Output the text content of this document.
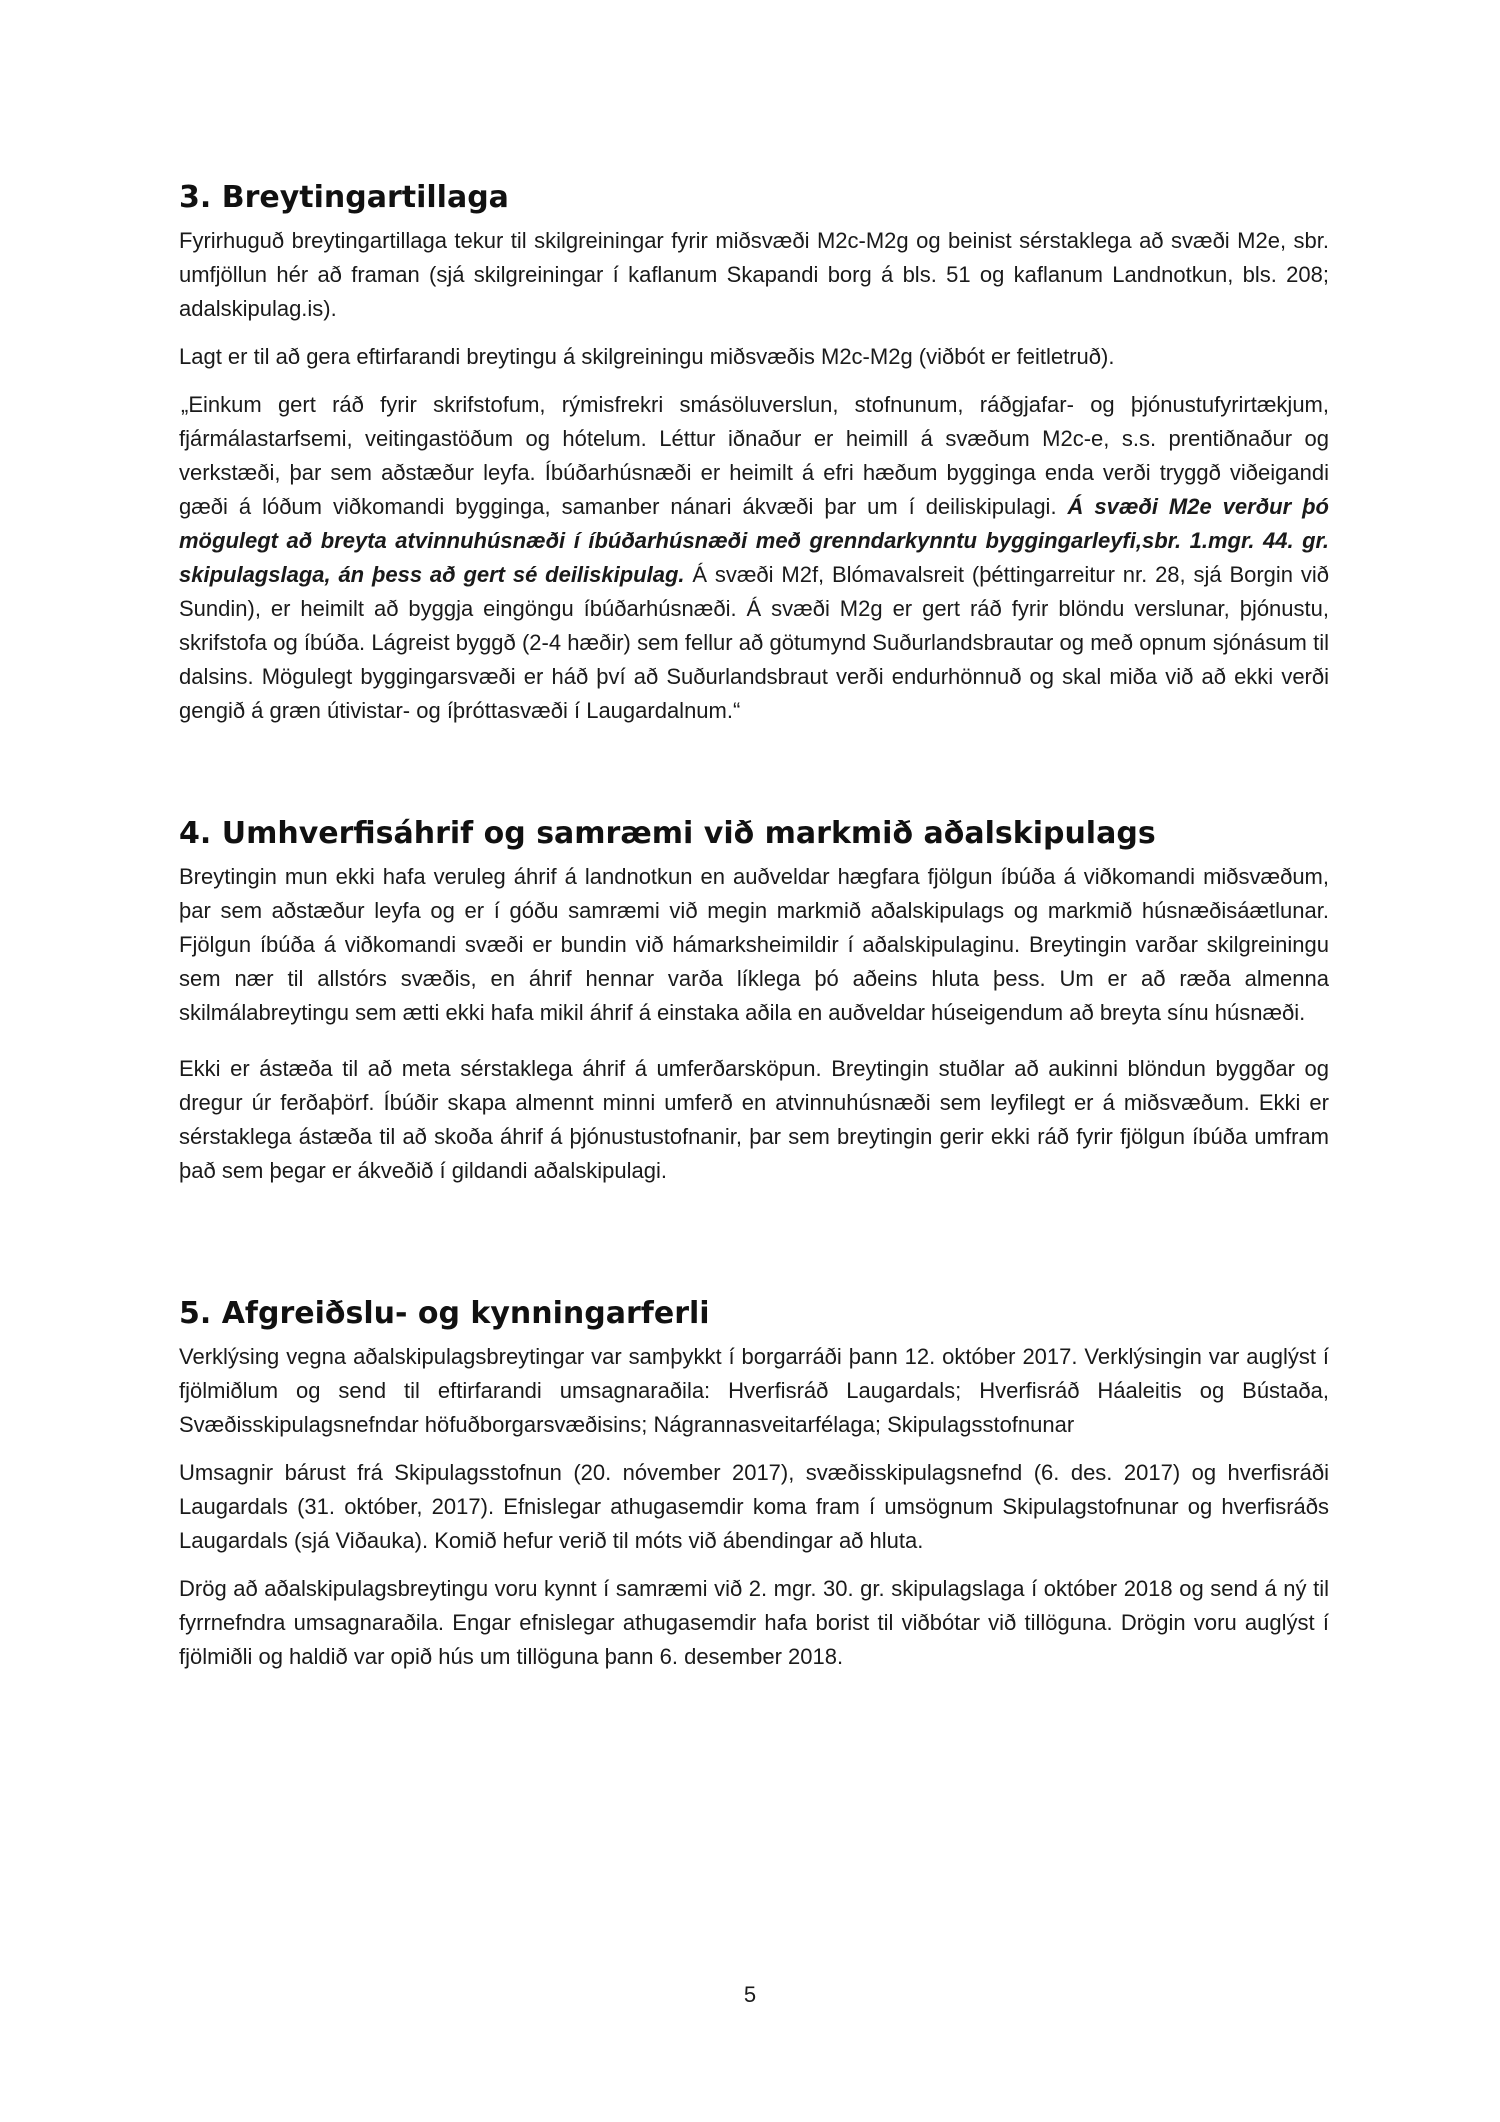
3. Breytingartillaga

Fyrirhuguð breytingartillaga tekur til skilgreiningar fyrir miðsvæði M2c-M2g og beinist sérstaklega að svæði M2e, sbr. umfjöllun hér að framan (sjá skilgreiningar í kaflanum Skapandi borg á bls. 51 og kaflanum Landnotkun, bls. 208; adalskipulag.is).

Lagt er til að gera eftirfarandi breytingu á skilgreiningu miðsvæðis M2c-M2g (viðbót er feitletruð).

„Einkum gert ráð fyrir skrifstofum, rýmisfrekri smásöluverslun, stofnunum, ráðgjafar- og þjónustufyrirtækjum, fjármálastarfsemi, veitingastöðum og hótelum. Léttur iðnaður er heimill á svæðum M2c-e, s.s. prentiðnaður og verkstæði, þar sem aðstæður leyfa. Íbúðarhúsnæði er heimilt á efri hæðum bygginga enda verði tryggð viðeigandi gæði á lóðum viðkomandi bygginga, samanber nánari ákvæði þar um í deiliskipulagi. Á svæði M2e verður þó mögulegt að breyta atvinnuhúsnæði í íbúðarhúsnæði með grenndarkynntu byggingarleyfi,sbr. 1.mgr. 44. gr. skipulagslaga, án þess að gert sé deiliskipulag. Á svæði M2f, Blómavalsreit (þéttingarreitur nr. 28, sjá Borgin við Sundin), er heimilt að byggja eingöngu íbúðarhúsnæði. Á svæði M2g er gert ráð fyrir blöndu verslunar, þjónustu, skrifstofa og íbúða. Lágreist byggð (2-4 hæðir) sem fellur að götumynd Suðurlandsbrautar og með opnum sjónásum til dalsins. Mögulegt byggingarsvæði er háð því að Suðurlandsbraut verði endurhönnuð og skal miða við að ekki verði gengið á græn útivistar- og íþróttasvæði í Laugardalnum.“

4. Umhverfisáhrif og samræmi við markmið aðalskipulags

Breytingin mun ekki hafa veruleg áhrif á landnotkun en auðveldar hægfara fjölgun íbúða á viðkomandi miðsvæðum, þar sem aðstæður leyfa og er í góðu samræmi við megin markmið aðalskipulags og markmið húsnæðisáætlunar. Fjölgun íbúða á viðkomandi svæði er bundin við hámarksheimildir í aðalskipulaginu. Breytingin varðar skilgreiningu sem nær til allstórs svæðis, en áhrif hennar varða líklega þó aðeins hluta þess. Um er að ræða almenna skilmálabreytingu sem ætti ekki hafa mikil áhrif á einstaka aðila en auðveldar húseigendum að breyta sínu húsnæði.

Ekki er ástæða til að meta sérstaklega áhrif á umferðarsköpun. Breytingin stuðlar að aukinni blöndun byggðar og dregur úr ferðaþörf. Íbúðir skapa almennt minni umferð en atvinnuhúsnæði sem leyfilegt er á miðsvæðum. Ekki er sérstaklega ástæða til að skoða áhrif á þjónustustofnanir, þar sem breytingin gerir ekki ráð fyrir fjölgun íbúða umfram það sem þegar er ákveðið í gildandi aðalskipulagi.

5. Afgreiðslu- og kynningarferli

Verklýsing vegna aðalskipulagsbreytingar var samþykkt í borgarráði þann 12. október 2017. Verklýsingin var auglýst í fjölmiðlum og send til eftirfarandi umsagnaraðila: Hverfisráð Laugardals; Hverfisráð Háaleitis og Bústaða, Svæðisskipulagsnefndar höfuðborgarsvæðisins; Nágrannasveitarfélaga; Skipulagsstofnunar

Umsagnir bárust frá Skipulagsstofnun (20. nóvember 2017), svæðisskipulagsnefnd (6. des. 2017) og hverfisráði Laugardals (31. október, 2017). Efnislegar athugasemdir koma fram í umsögnum Skipulagstofnunar og hverfisráðs Laugardals (sjá Viðauka). Komið hefur verið til móts við ábendingar að hluta.

Drög að aðalskipulagsbreytingu voru kynnt í samræmi við 2. mgr. 30. gr. skipulagslaga í október 2018 og send á ný til fyrrnefndra umsagnaraðila. Engar efnislegar athugasemdir hafa borist til viðbótar við tillöguna. Drögin voru auglýst í fjölmiðli og haldið var opið hús um tillöguna þann 6. desember 2018.

5
